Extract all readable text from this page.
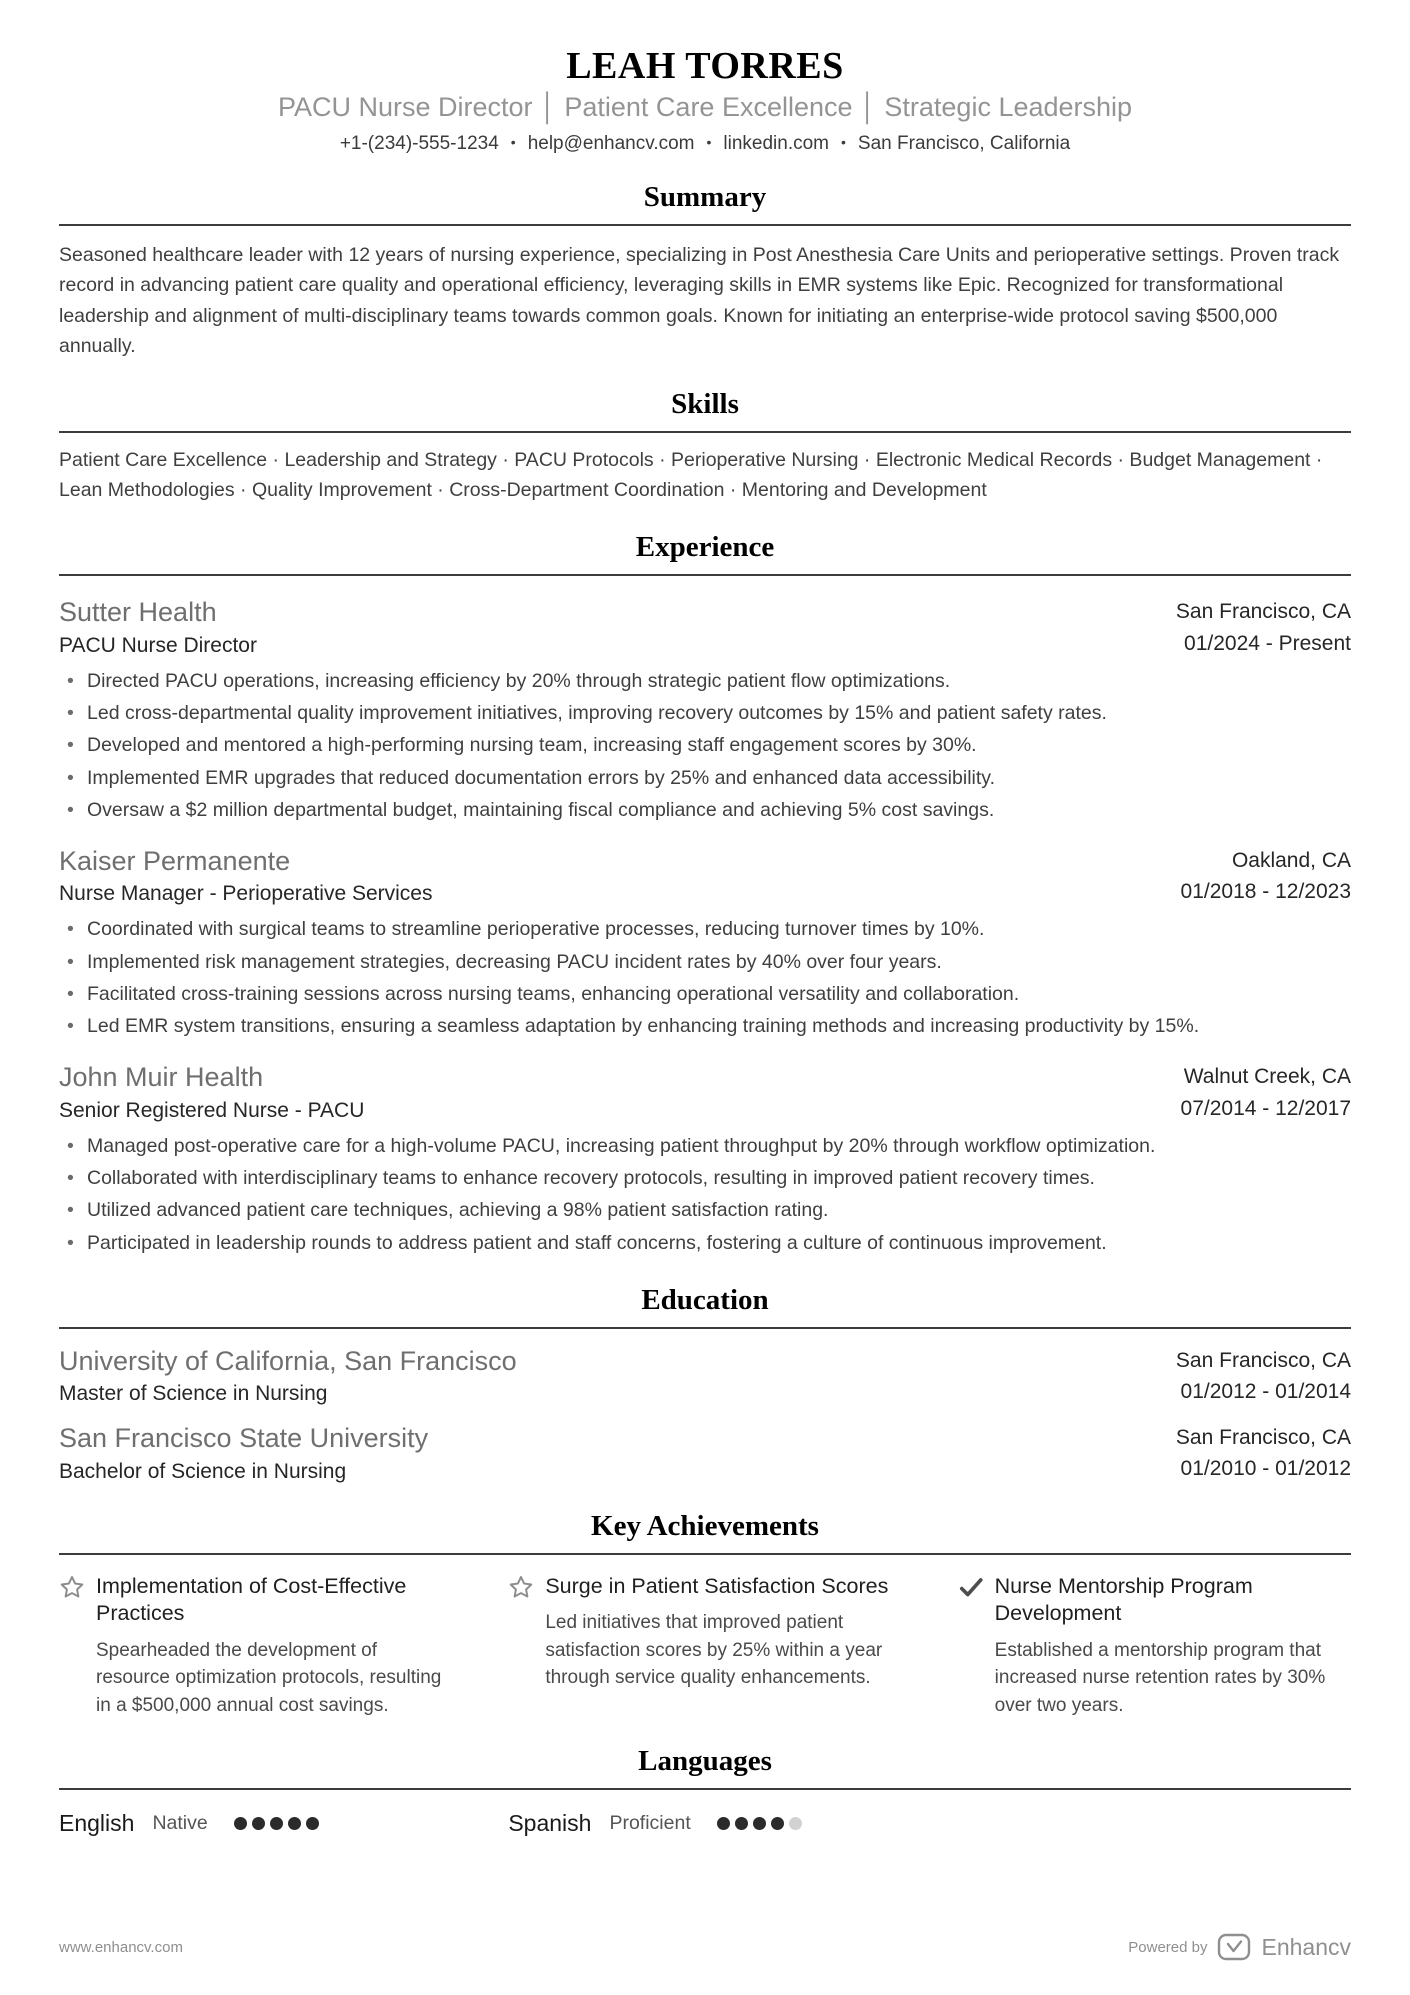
LEAH TORRES
PACU Nurse Director │ Patient Care Excellence │ Strategic Leadership
+1-(234)-555-1234 • help@enhancv.com • linkedin.com • San Francisco, California
Summary

Seasoned healthcare leader with 12 years of nursing experience, specializing in Post Anesthesia Care Units and perioperative settings. Proven track record in advancing patient care quality and operational efficiency, leveraging skills in EMR systems like Epic. Recognized for transformational leadership and alignment of multi-disciplinary teams towards common goals. Known for initiating an enterprise-wide protocol saving $500,000 annually.

Skills

Patient Care Excellence · Leadership and Strategy · PACU Protocols · Perioperative Nursing · Electronic Medical Records · Budget Management · Lean Methodologies · Quality Improvement · Cross-Department Coordination · Mentoring and Development

Experience
Sutter Health
PACU Nurse Director
San Francisco, CA
01/2024 - Present
• Directed PACU operations, increasing efficiency by 20% through strategic patient flow optimizations.
• Led cross-departmental quality improvement initiatives, improving recovery outcomes by 15% and patient safety rates.
• Developed and mentored a high-performing nursing team, increasing staff engagement scores by 30%.
• Implemented EMR upgrades that reduced documentation errors by 25% and enhanced data accessibility.
• Oversaw a $2 million departmental budget, maintaining fiscal compliance and achieving 5% cost savings.
Kaiser Permanente
Nurse Manager - Perioperative Services
Oakland, CA
01/2018 - 12/2023
• Coordinated with surgical teams to streamline perioperative processes, reducing turnover times by 10%.
• Implemented risk management strategies, decreasing PACU incident rates by 40% over four years.
• Facilitated cross-training sessions across nursing teams, enhancing operational versatility and collaboration.
• Led EMR system transitions, ensuring a seamless adaptation by enhancing training methods and increasing productivity by 15%.
John Muir Health
Senior Registered Nurse - PACU
Walnut Creek, CA
07/2014 - 12/2017
• Managed post-operative care for a high-volume PACU, increasing patient throughput by 20% through workflow optimization.
• Collaborated with interdisciplinary teams to enhance recovery protocols, resulting in improved patient recovery times.
• Utilized advanced patient care techniques, achieving a 98% patient satisfaction rating.
• Participated in leadership rounds to address patient and staff concerns, fostering a culture of continuous improvement.
Education
University of California, San Francisco
Master of Science in Nursing
San Francisco, CA
01/2012 - 01/2014
San Francisco State University
Bachelor of Science in Nursing
San Francisco, CA
01/2010 - 01/2012
Key Achievements
Implementation of Cost-Effective Practices

Spearheaded the development of resource optimization protocols, resulting in a $500,000 annual cost savings.

Surge in Patient Satisfaction Scores

Led initiatives that improved patient satisfaction scores by 25% within a year through service quality enhancements.

Nurse Mentorship Program Development

Established a mentorship program that increased nurse retention rates by 30% over two years.

Languages
English Native	Spanish Proficient
www.enhancv.com	Powered by Enhancv
